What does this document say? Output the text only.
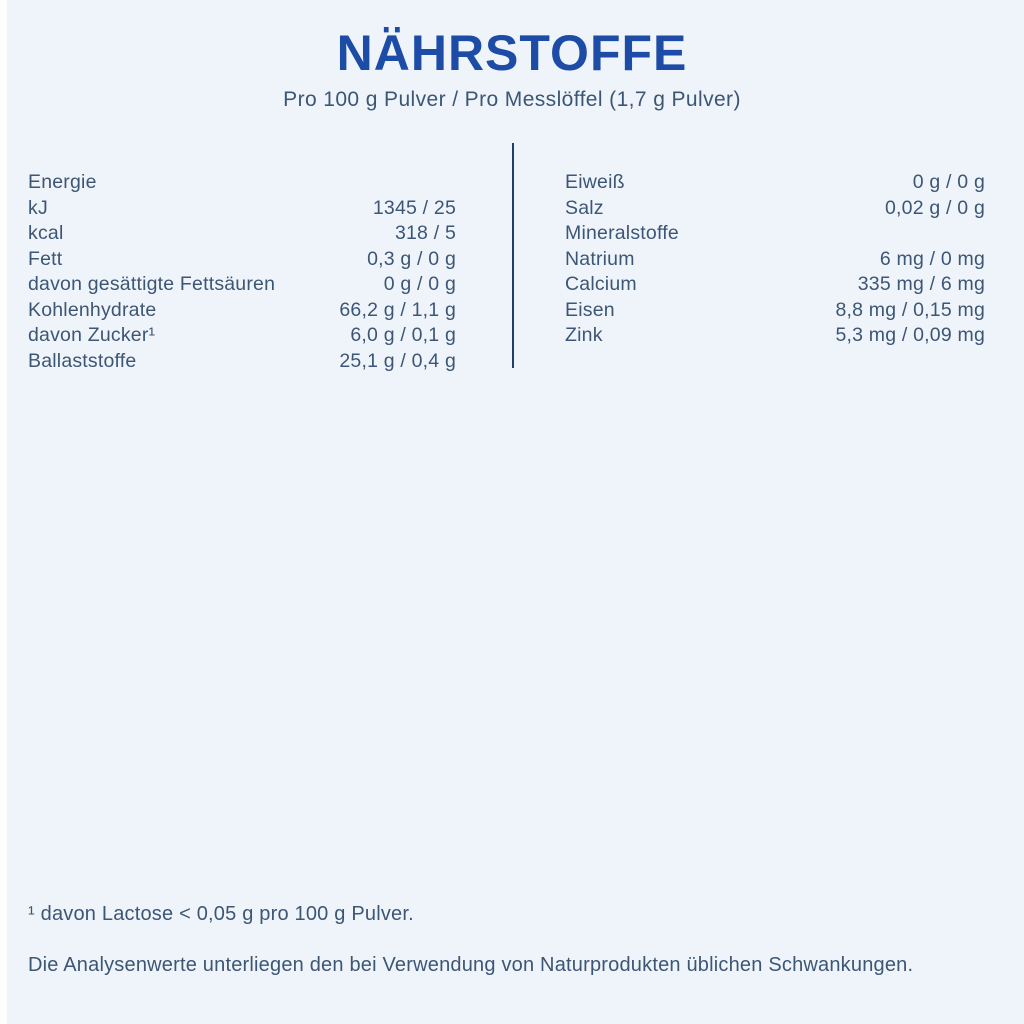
NÄHRSTOFFE
Pro 100 g Pulver / Pro Messlöffel (1,7 g Pulver)
Energie
kJ	1345 / 25
kcal	318 / 5
Fett	0,3 g / 0 g
davon gesättigte Fettsäuren	0 g / 0 g
Kohlenhydrate	66,2 g / 1,1 g
davon Zucker¹	6,0 g / 0,1 g
Ballaststoffe	25,1 g / 0,4 g
Eiweiß	0 g / 0 g
Salz	0,02 g / 0 g
Mineralstoffe
Natrium	6 mg / 0 mg
Calcium	335 mg / 6 mg
Eisen	8,8 mg / 0,15 mg
Zink	5,3 mg / 0,09 mg
¹ davon Lactose < 0,05 g pro 100 g Pulver.
Die Analysenwerte unterliegen den bei Verwendung von Naturprodukten üblichen Schwankungen.
